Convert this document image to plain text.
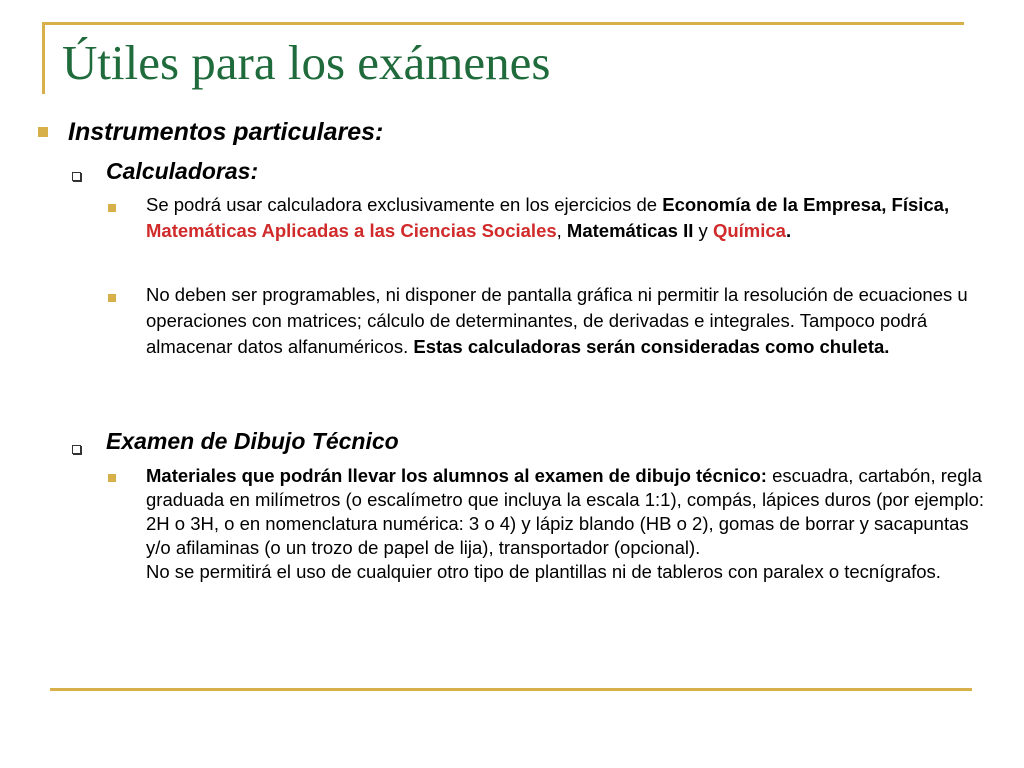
Útiles para los exámenes
Instrumentos particulares:
Calculadoras:
Se podrá usar calculadora exclusivamente en los ejercicios de Economía de la Empresa, Física, Matemáticas Aplicadas a las Ciencias Sociales, Matemáticas II y Química.
No deben ser programables, ni disponer de pantalla gráfica ni permitir la resolución de ecuaciones u operaciones con matrices; cálculo de determinantes, de derivadas e integrales. Tampoco podrá almacenar datos alfanuméricos. Estas calculadoras serán consideradas como chuleta.
Examen de Dibujo Técnico
Materiales que podrán llevar los alumnos al examen de dibujo técnico: escuadra, cartabón, regla graduada en milímetros (o escalímetro que incluya la escala 1:1), compás, lápices duros (por ejemplo: 2H o 3H, o en nomenclatura numérica: 3 o 4) y lápiz blando (HB o 2), gomas de borrar y sacapuntas y/o afilaminas (o un trozo de papel de lija), transportador (opcional).
No se permitirá el uso de cualquier otro tipo de plantillas ni de tableros con paralex o tecnígrafos.
